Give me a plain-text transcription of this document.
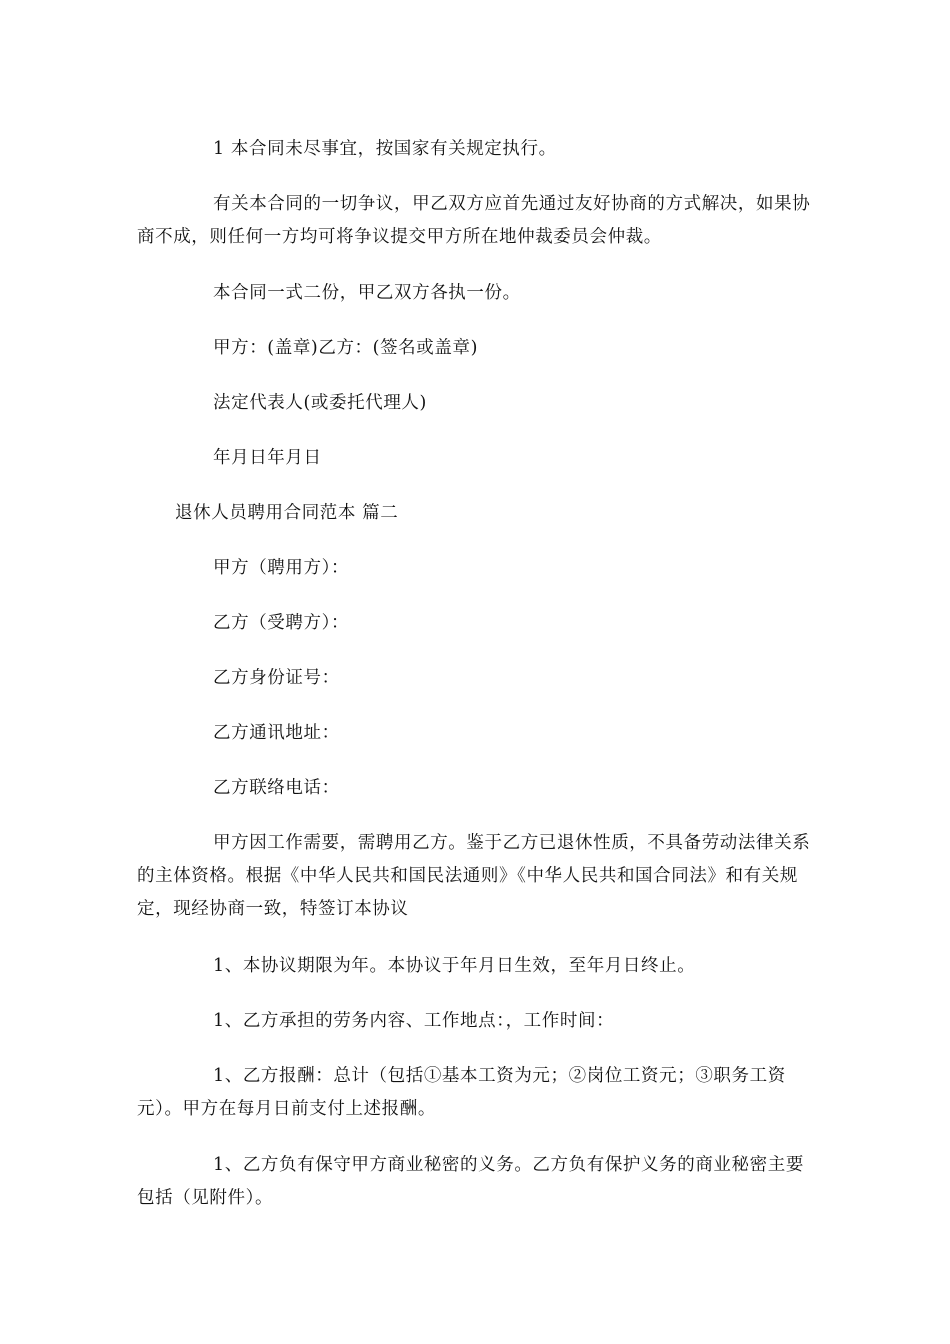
1 本合同未尽事宜，按国家有关规定执行。
有关本合同的一切争议，甲乙双方应首先通过友好协商的方式解决，如果协商不成，则任何一方均可将争议提交甲方所在地仲裁委员会仲裁。
本合同一式二份，甲乙双方各执一份。
甲方：(盖章)乙方：(签名或盖章)
法定代表人(或委托代理人)
年月日年月日
退休人员聘用合同范本 篇二
甲方（聘用方）：
乙方（受聘方）：
乙方身份证号：
乙方通讯地址：
乙方联络电话：
甲方因工作需要，需聘用乙方。鉴于乙方已退休性质，不具备劳动法律关系的主体资格。根据《中华人民共和国民法通则》《中华人民共和国合同法》和有关规定，现经协商一致，特签订本协议
1、本协议期限为年。本协议于年月日生效，至年月日终止。
1、乙方承担的劳务内容、工作地点：，工作时间：
1、乙方报酬：总计（包括①基本工资为元；②岗位工资元；③职务工资元）。甲方在每月日前支付上述报酬。
1、乙方负有保守甲方商业秘密的义务。乙方负有保护义务的商业秘密主要包括（见附件）。
